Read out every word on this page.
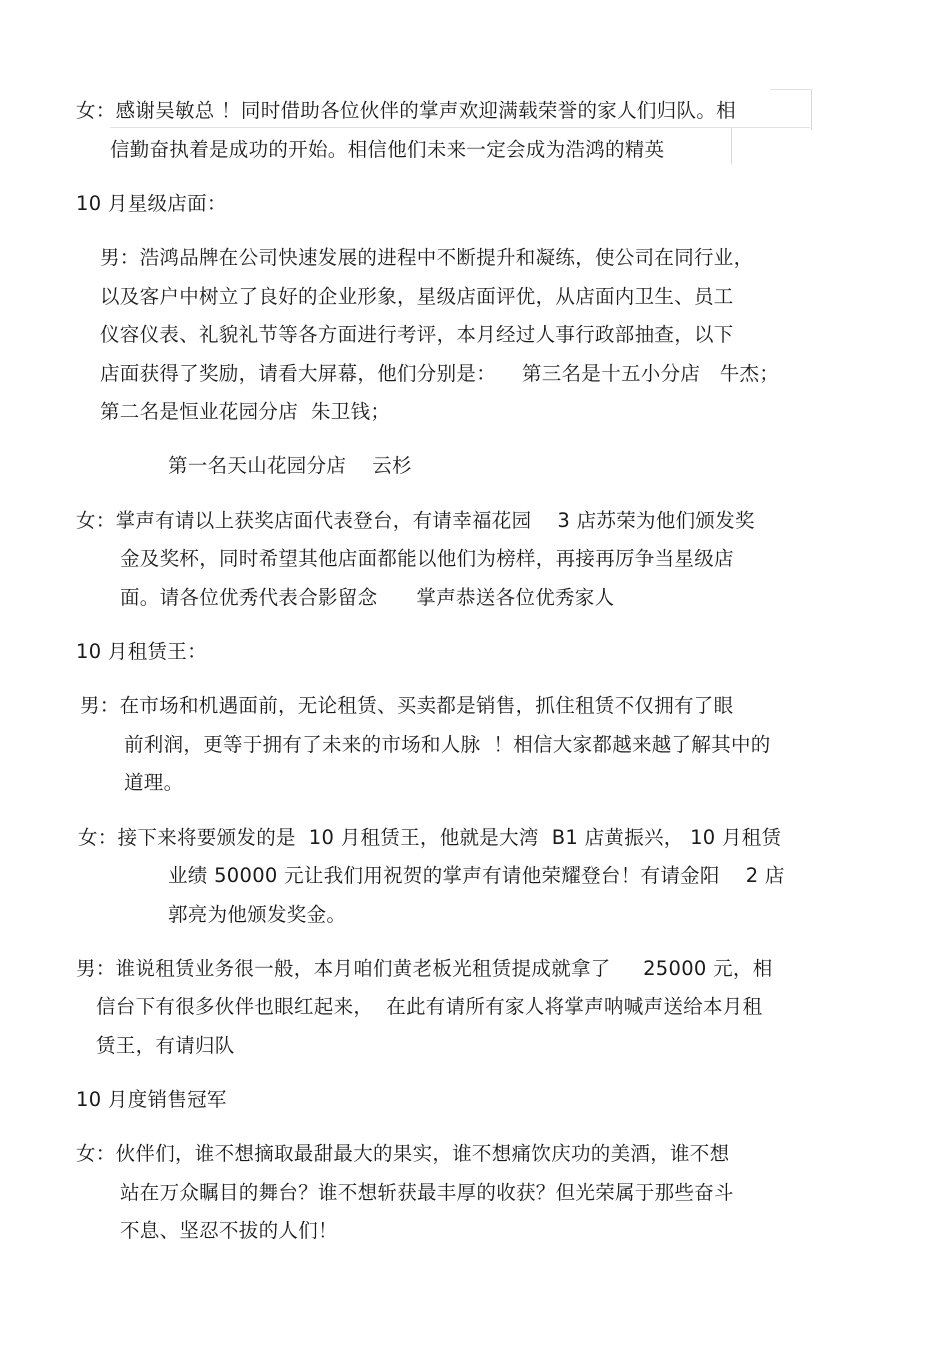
女：感谢吴敏总 ！同时借助各位伙伴的掌声欢迎满载荣誉的家人们归队。相
信勤奋执着是成功的开始。相信他们未来一定会成为浩鸿的精英
10 月星级店面：
男：浩鸿品牌在公司快速发展的进程中不断提升和凝练，使公司在同行业，
以及客户中树立了良好的企业形象，星级店面评优，从店面内卫生、员工
仪容仪表、礼貌礼节等各方面进行考评，本月经过人事行政部抽查，以下
店面获得了奖励，请看大屏幕，他们分别是：    第三名是十五小分店   牛杰；
第二名是恒业花园分店  朱卫钱；
第一名天山花园分店    云杉
女：掌声有请以上获奖店面代表登台，有请幸福花园    3 店苏荣为他们颁发奖
金及奖杯，同时希望其他店面都能以他们为榜样，再接再厉争当星级店
面。请各位优秀代表合影留念      掌声恭送各位优秀家人
10 月租赁王：
男：在市场和机遇面前，无论租赁、买卖都是销售，抓住租赁不仅拥有了眼
前利润，更等于拥有了未来的市场和人脉  ！相信大家都越来越了解其中的
道理。
女：接下来将要颁发的是  10 月租赁王，他就是大湾  B1 店黄振兴， 10 月租赁
业绩 50000 元让我们用祝贺的掌声有请他荣耀登台！有请金阳    2 店
郭亮为他颁发奖金。
男：谁说租赁业务很一般，本月咱们黄老板光租赁提成就拿了     25000 元，相
信台下有很多伙伴也眼红起来，  在此有请所有家人将掌声呐喊声送给本月租
赁王，有请归队
10 月度销售冠军
女：伙伴们，谁不想摘取最甜最大的果实，谁不想痛饮庆功的美酒，谁不想
站在万众瞩目的舞台？谁不想斩获最丰厚的收获？但光荣属于那些奋斗
不息、坚忍不拔的人们！
